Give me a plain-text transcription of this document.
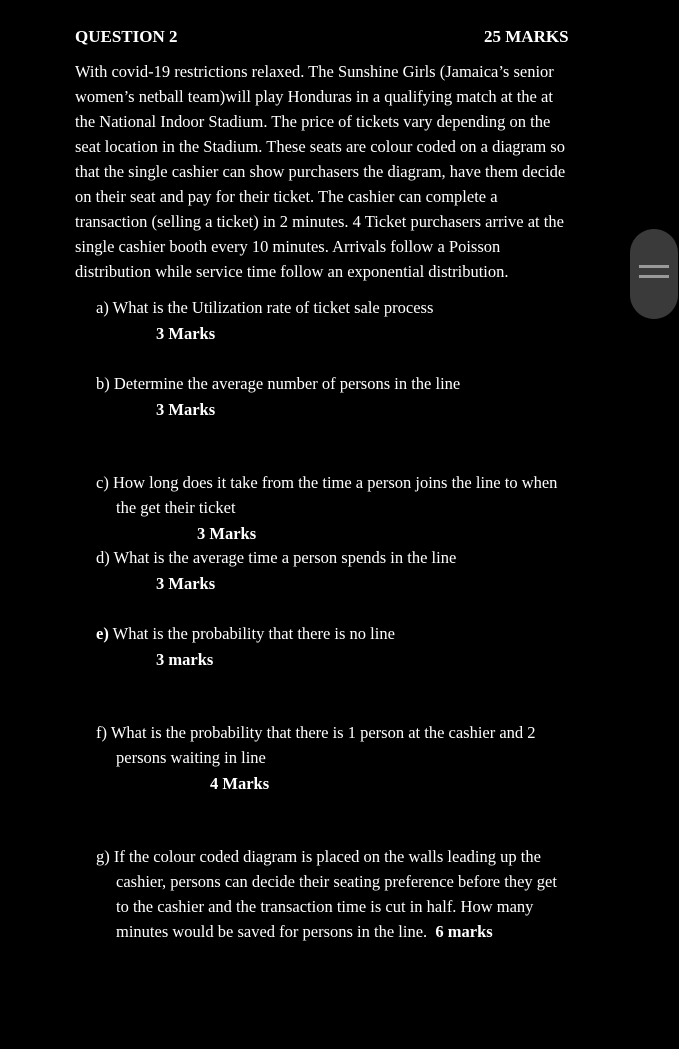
QUESTION 2	25 MARKS
With covid-19 restrictions relaxed. The Sunshine Girls (Jamaica’s senior
women’s netball team)will play Honduras in a qualifying match at the at
the National Indoor Stadium. The price of tickets vary depending on the
seat location in the Stadium. These seats are colour coded on a diagram so
that the single cashier can show purchasers the diagram, have them decide
on their seat and pay for their ticket. The cashier can complete a
transaction (selling a ticket) in 2 minutes. 4 Ticket purchasers arrive at the
single cashier booth every 10 minutes. Arrivals follow a Poisson
distribution while service time follow an exponential distribution.
a) What is the Utilization rate of ticket sale process
3 Marks
b) Determine the average number of persons in the line
3 Marks
c) How long does it take from the time a person joins the line to when
the get their ticket
3 Marks
d) What is the average time a person spends in the line
3 Marks
e) What is the probability that there is no line
3 marks
f) What is the probability that there is 1 person at the cashier and 2
persons waiting in line
4 Marks
g) If the colour coded diagram is placed on the walls leading up the
cashier, persons can decide their seating preference before they get
to the cashier and the transaction time is cut in half. How many
minutes would be saved for persons in the line. 6 marks
